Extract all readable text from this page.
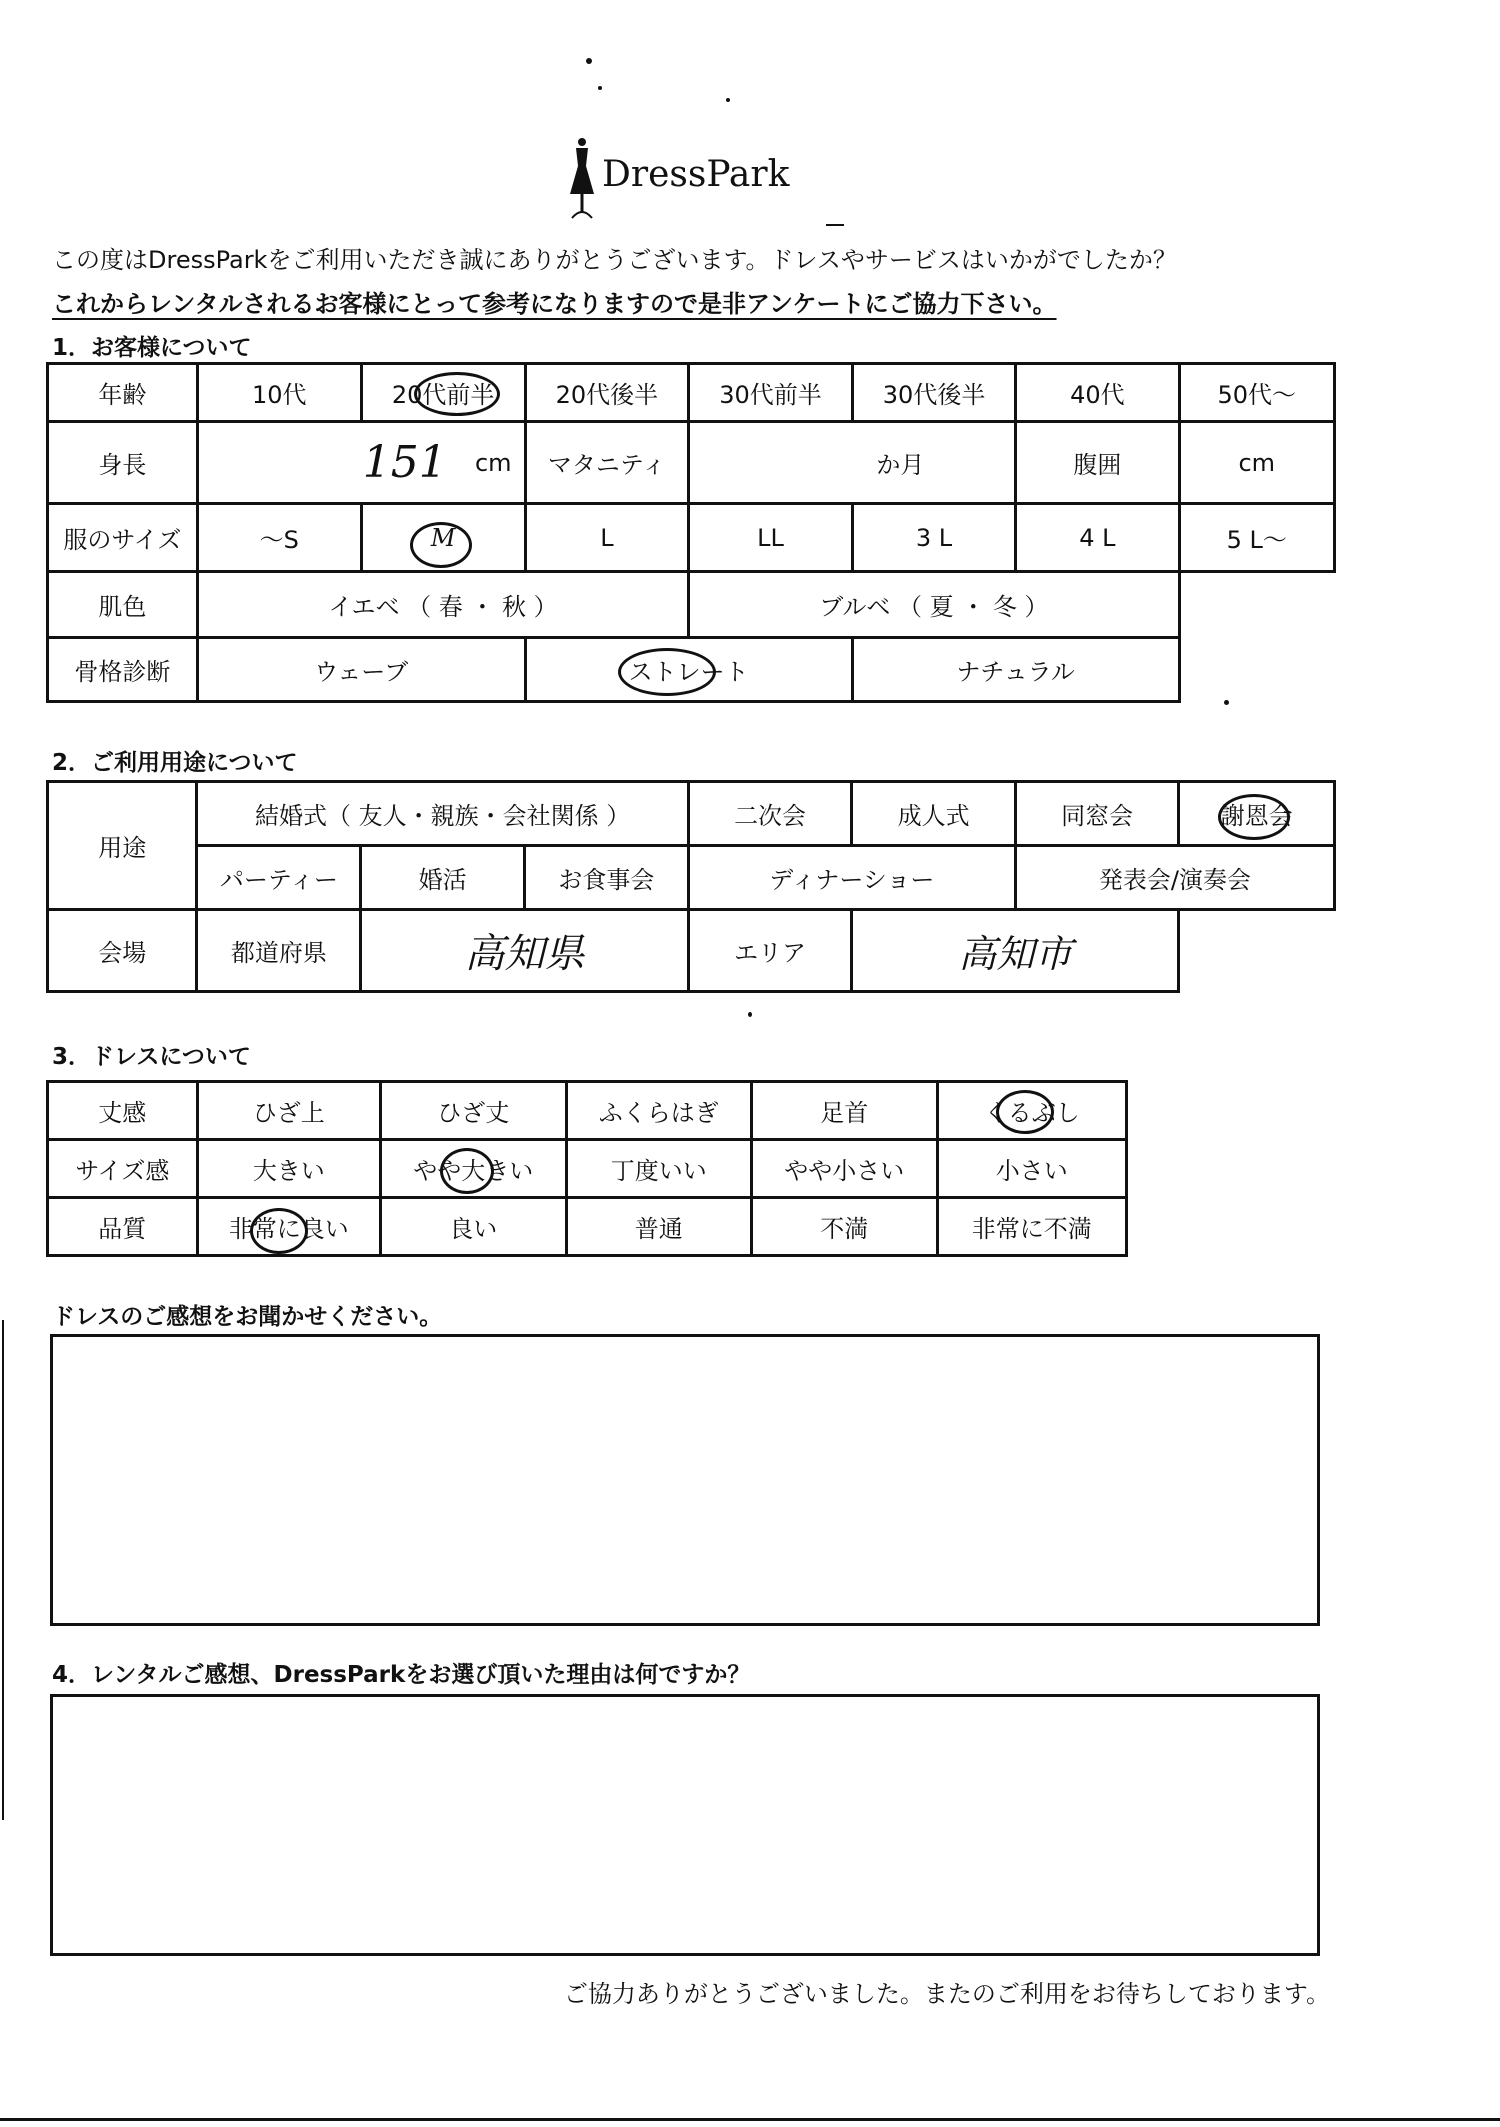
DressPark
この度はDressParkをご利用いただき誠にありがとうございます。ドレスやサービスはいかがでしたか？
これからレンタルされるお客様にとって参考になりますので是非アンケートにご協力下さい。
1．お客様について
年齢	10代	20代前半	20代後半	30代前半	30代後半	40代	50代〜
身長	151 cm		マタニティ	か月		腹囲	cm
服のサイズ	〜S	M	L	LL	3 L	4 L	5 L〜
肌色	イエベ （ 春 ・ 秋 ）			ブルベ （ 夏 ・ 冬 ）			
骨格診断	ウェーブ		ストレート		ナチュラル		
2．ご利用用途について
用途	結婚式（ 友人・親族・会社関係 ）			二次会	成人式	同窓会	謝恩会
	パーティー	婚活	お食事会	ディナーショー		発表会/演奏会	
会場	都道府県	高知県		エリア	高知市		
3．ドレスについて
丈感	ひざ上	ひざ丈	ふくらはぎ	足首	くるぶし
サイズ感	大きい	やや大きい	丁度いい	やや小さい	小さい
品質	非常に良い	良い	普通	不満	非常に不満
ドレスのご感想をお聞かせください。
4．レンタルご感想、DressParkをお選び頂いた理由は何ですか？
ご協力ありがとうございました。またのご利用をお待ちしております。
